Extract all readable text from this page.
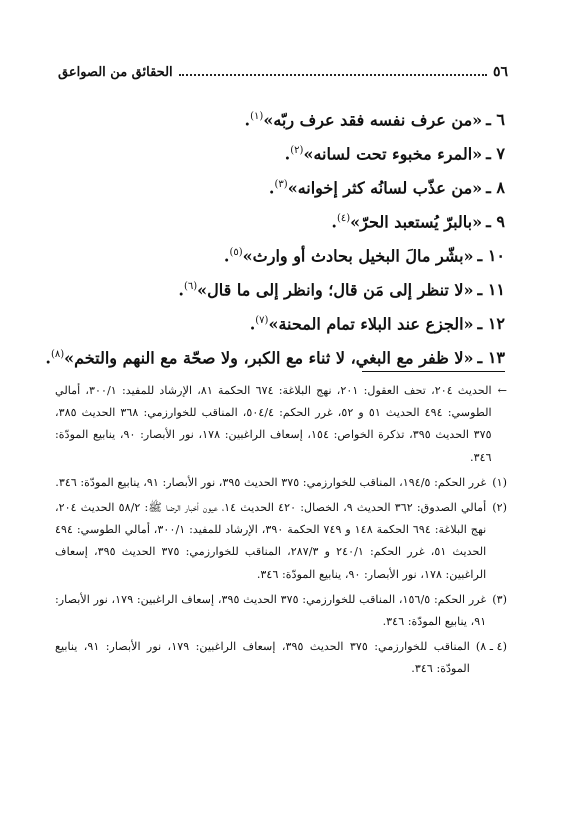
٥٦
الحقائق من الصواعق
٦ ـ«من عرف نفسه فقد عرف ربّه»$^{(١)}$.
٧ ـ«المرء مخبوء تحت لسانه»$^{(٢)}$.
٨ ـ«من عذّب لسانُه كثر إخوانه»$^{(٣)}$.
٩ ـ«بالبرّ يُستعبد الحرّ»$^{(٤)}$.
١٠ ـ«بشّر مالَ البخيل بحادث أو وارث»$^{(٥)}$.
١١ ـ«لا تنظر إلى مَن قال؛ وانظر إلى ما قال»$^{(٦)}$.
١٢ ـ«الجزع عند البلاء تمام المحنة»$^{(٧)}$.
١٣ ـ«لا ظفر مع البغي، لا ثناء مع الكبر، ولا صحّة مع النهم والتخم»$^{(٨)}$.
←
الحديث ٢٠٤، تحف العقول: ٢٠١، نهج البلاغة: ٦٧٤ الحكمة ٨١، الإرشاد للمفيد: ٣٠٠/١، أمالي الطوسي: ٤٩٤ الحديث ٥١ و ٥٢، غرر الحكم: ٥٠٤/٤، المناقب للخوارزمي: ٣٦٨ الحديث ٣٨٥، ٣٧٥ الحديث ٣٩٥، تذكرة الخواص: ١٥٤، إسعاف الراغبين: ١٧٨، نور الأبصار: ٩٠، ينابيع المودّة: ٣٤٦.
(١)
غرر الحكم: ١٩٤/٥، المناقب للخوارزمي: ٣٧٥ الحديث ٣٩٥، نور الأبصار: ٩١، ينابيع المودّة: ٣٤٦.
(٢)
أمالي الصدوق: ٣٦٢ الحديث ٩، الخصال: ٤٢٠ الحديث ١٤، عيون أخبار الرضا ﷺ: ٥٨/٢ الحديث ٢٠٤، نهج البلاغة: ٦٩٤ الحكمة ١٤٨ و ٧٤٩ الحكمة ٣٩٠، الإرشاد للمفيد: ٣٠٠/١، أمالي الطوسي: ٤٩٤ الحديث ٥١، غرر الحكم: ٢٤٠/١ و ٢٨٧/٣، المناقب للخوارزمي: ٣٧٥ الحديث ٣٩٥، إسعاف الراغبين: ١٧٨، نور الأبصار: ٩٠، ينابيع المودّة: ٣٤٦.
(٣)
غرر الحكم: ١٥٦/٥، المناقب للخوارزمي: ٣٧٥ الحديث ٣٩٥، إسعاف الراغبين: ١٧٩، نور الأبصار: ٩١، ينابيع المودّة: ٣٤٦.
(٤ ـ ٨)
المناقب للخوارزمي: ٣٧٥ الحديث ٣٩٥، إسعاف الراغبين: ١٧٩، نور الأبصار: ٩١، ينابيع المودّة: ٣٤٦.
